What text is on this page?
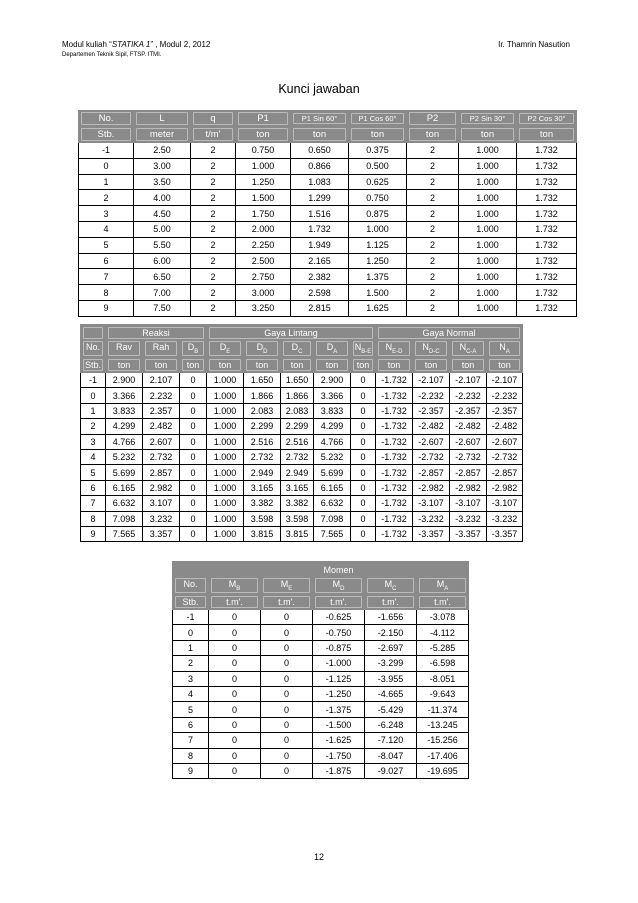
Modul kuliah “STATIKA 1” , Modul 2, 2012	Ir. Thamrin Nasution
Departemen Teknik Sipil, FTSP. ITMI.
Kunci jawaban
No.	L	q	P1	P1 Sin 60°	P1 Cos 60°	P2	P2 Sin 30°	P2 Cos 30°

Stb.	meter	t/m'	ton	ton	ton	ton	ton	ton

-1	2.50	2	0.750	0.650	0.375	2	1.000	1.732
0	3.00	2	1.000	0.866	0.500	2	1.000	1.732
1	3.50	2	1.250	1.083	0.625	2	1.000	1.732
2	4.00	2	1.500	1.299	0.750	2	1.000	1.732
3	4.50	2	1.750	1.516	0.875	2	1.000	1.732
4	5.00	2	2.000	1.732	1.000	2	1.000	1.732
5	5.50	2	2.250	1.949	1.125	2	1.000	1.732
6	6.00	2	2.500	2.165	1.250	2	1.000	1.732
7	6.50	2	2.750	2.382	1.375	2	1.000	1.732
8	7.00	2	3.000	2.598	1.500	2	1.000	1.732
9	7.50	2	3.250	2.815	1.625	2	1.000	1.732

	Reaksi			Gaya Lintang					Gaya Normal			

No.	Rav	Rah	$D_B$	$D_E$	$D_D$	$D_C$	$D_A$	$N_{B-E}$	$N_{E-D}$	$N_{D-C}$	$N_{C-A}$	$N_A$

Stb.	ton	ton	ton	ton	ton	ton	ton	ton	ton	ton	ton	ton

-1	2.900	2.107	0	1.000	1.650	1.650	2.900	0	-1.732	-2.107	-2.107	-2.107
0	3.366	2.232	0	1.000	1.866	1.866	3.366	0	-1.732	-2.232	-2.232	-2.232
1	3.833	2.357	0	1.000	2.083	2.083	3.833	0	-1.732	-2.357	-2.357	-2.357
2	4.299	2.482	0	1.000	2.299	2.299	4.299	0	-1.732	-2.482	-2.482	-2.482
3	4.766	2.607	0	1.000	2.516	2.516	4.766	0	-1.732	-2.607	-2.607	-2.607
4	5.232	2.732	0	1.000	2.732	2.732	5.232	0	-1.732	-2.732	-2.732	-2.732
5	5.699	2.857	0	1.000	2.949	2.949	5.699	0	-1.732	-2.857	-2.857	-2.857
6	6.165	2.982	0	1.000	3.165	3.165	6.165	0	-1.732	-2.982	-2.982	-2.982
7	6.632	3.107	0	1.000	3.382	3.382	6.632	0	-1.732	-3.107	-3.107	-3.107
8	7.098	3.232	0	1.000	3.598	3.598	7.098	0	-1.732	-3.232	-3.232	-3.232
9	7.565	3.357	0	1.000	3.815	3.815	7.565	0	-1.732	-3.357	-3.357	-3.357

	Momen				

No.	$M_B$	$M_E$	$M_D$	$M_C$	$M_A$

Stb.	t.m'.	t.m'.	t.m'.	t.m'.	t.m'.

-1	0	0	-0.625	-1.656	-3.078
0	0	0	-0.750	-2.150	-4.112
1	0	0	-0.875	-2.697	-5.285
2	0	0	-1.000	-3.299	-6.598
3	0	0	-1.125	-3.955	-8.051
4	0	0	-1.250	-4.665	-9.643
5	0	0	-1.375	-5.429	-11.374
6	0	0	-1.500	-6.248	-13.245
7	0	0	-1.625	-7.120	-15.256
8	0	0	-1.750	-8.047	-17.406
9	0	0	-1.875	-9.027	-19.695
12
